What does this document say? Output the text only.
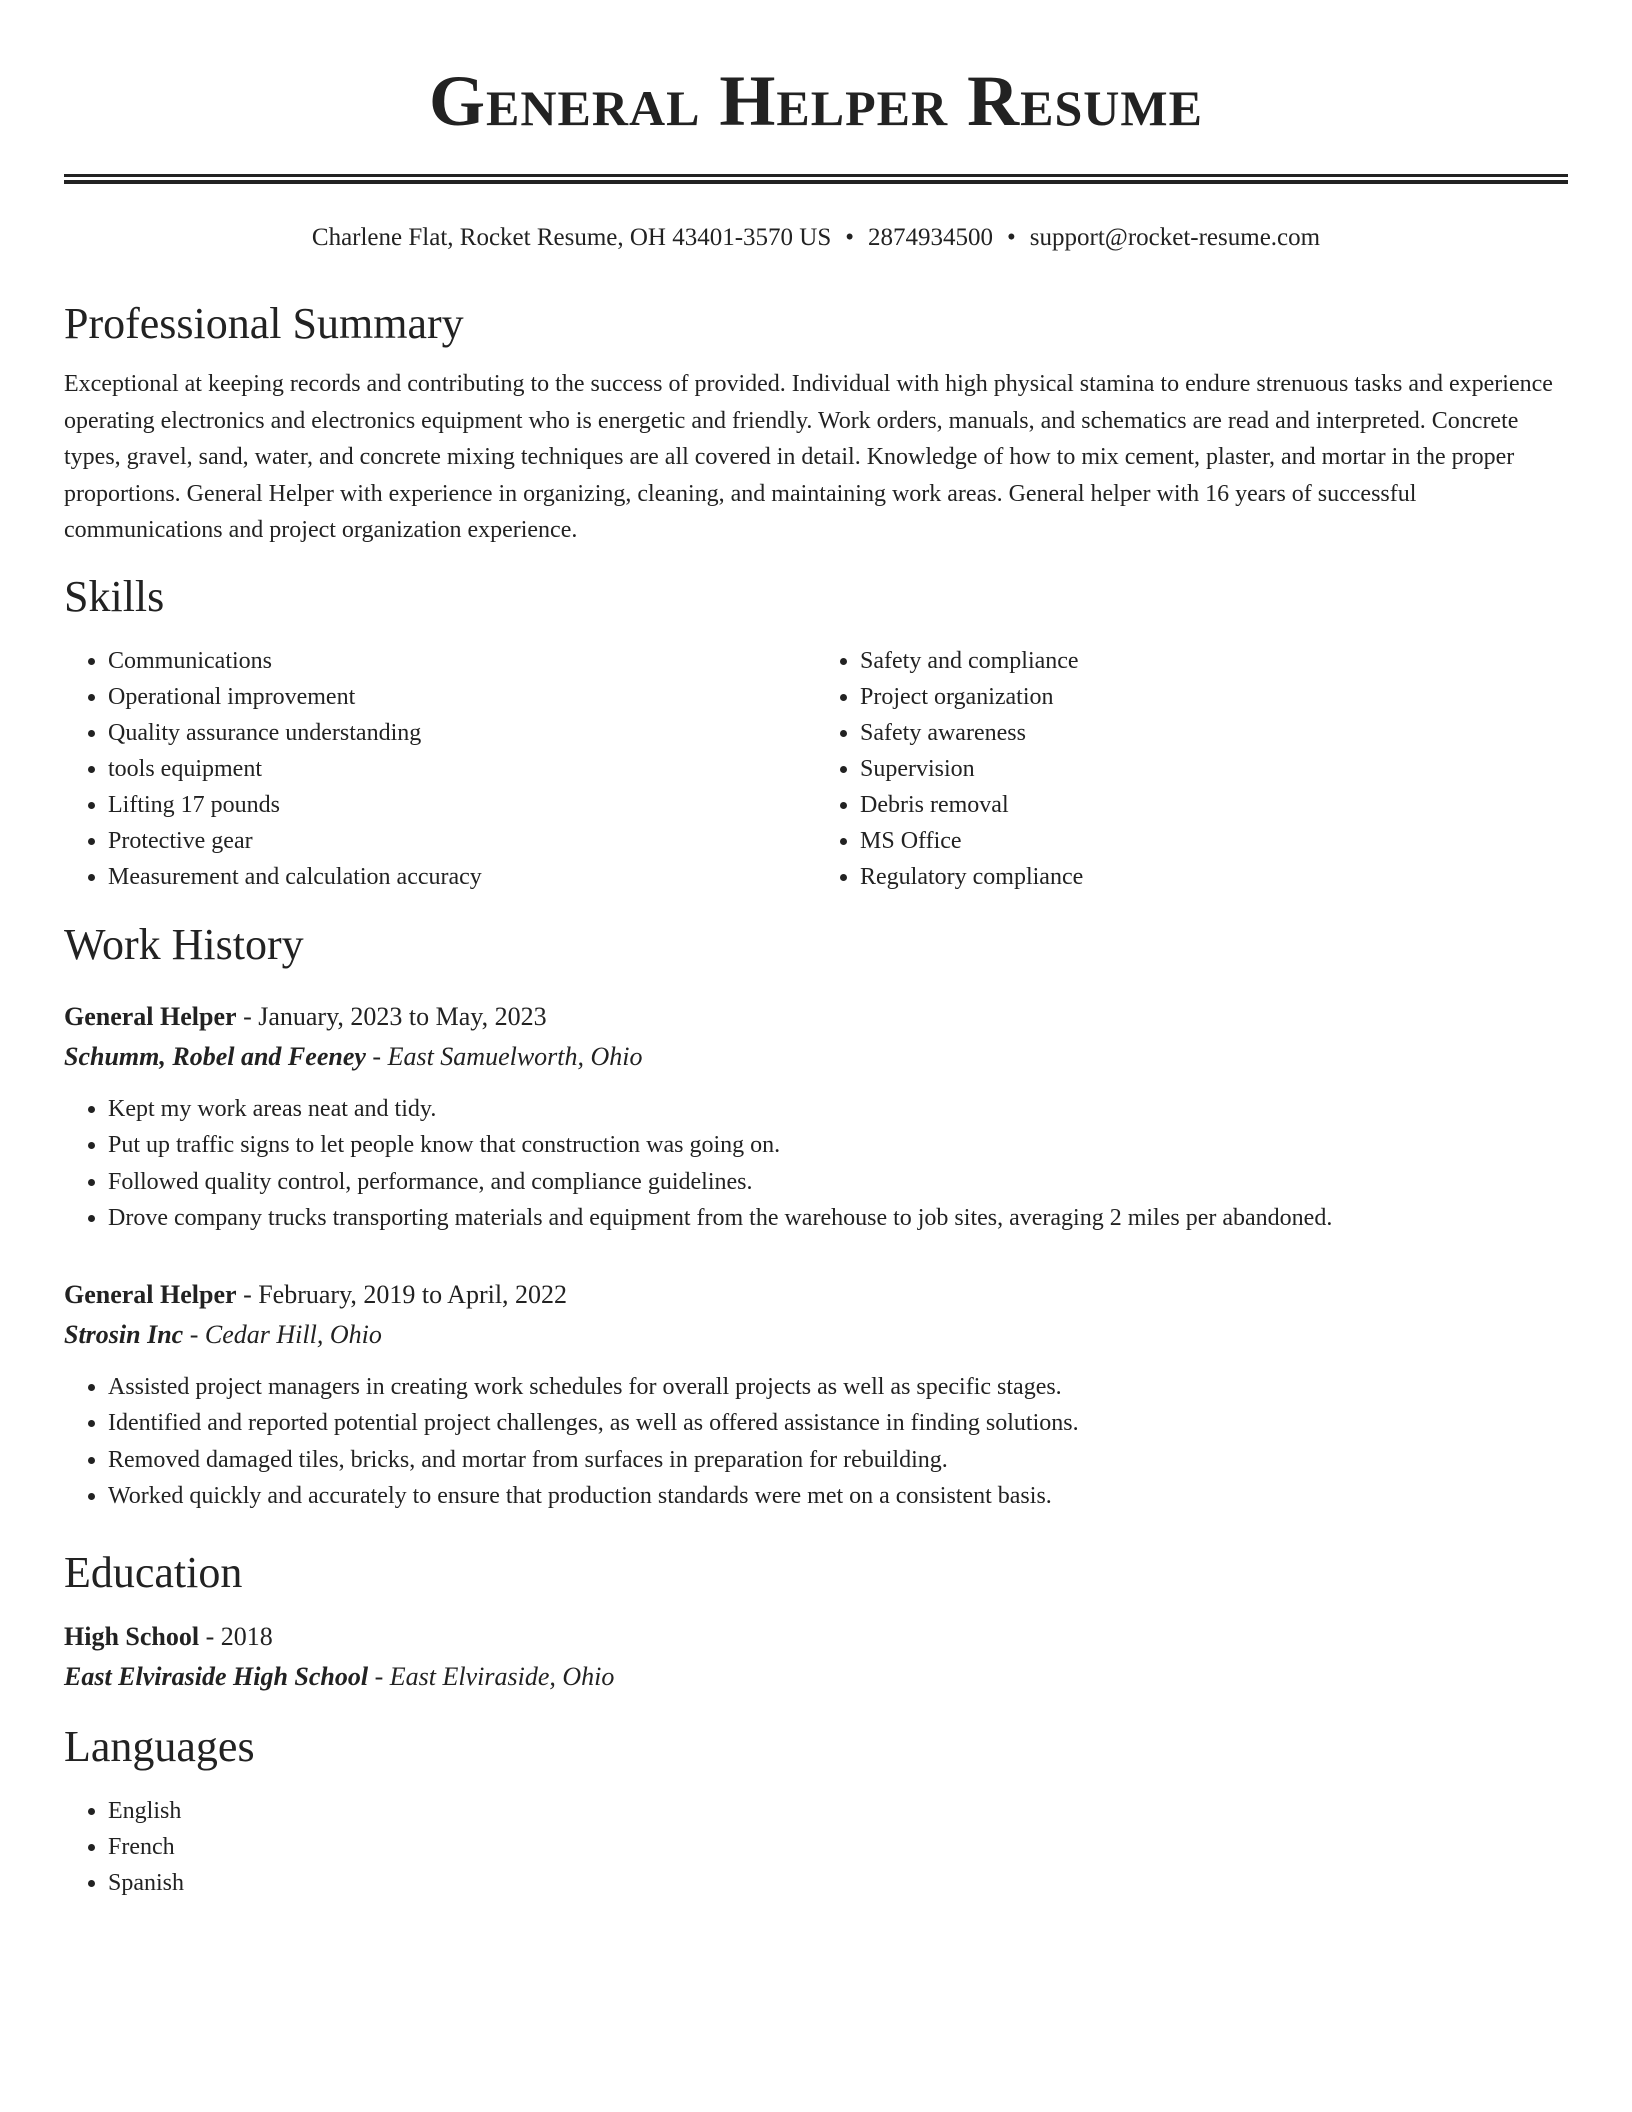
General Helper Resume
Charlene Flat, Rocket Resume, OH 43401-3570 US • 2874934500 • support@rocket-resume.com
Professional Summary

Exceptional at keeping records and contributing to the success of provided. Individual with high physical stamina to endure strenuous tasks and experience operating electronics and electronics equipment who is energetic and friendly. Work orders, manuals, and schematics are read and interpreted. Concrete types, gravel, sand, water, and concrete mixing techniques are all covered in detail. Knowledge of how to mix cement, plaster, and mortar in the proper proportions. General Helper with experience in organizing, cleaning, and maintaining work areas. General helper with 16 years of successful communications and project organization experience.

Skills
• Communications
• Operational improvement
• Quality assurance understanding
• tools equipment
• Lifting 17 pounds
• Protective gear
• Measurement and calculation accuracy
• Safety and compliance
• Project organization
• Safety awareness
• Supervision
• Debris removal
• MS Office
• Regulatory compliance
Work History
General Helper - January, 2023 to May, 2023
Schumm, Robel and Feeney - East Samuelworth, Ohio
• Kept my work areas neat and tidy.
• Put up traffic signs to let people know that construction was going on.
• Followed quality control, performance, and compliance guidelines.
• Drove company trucks transporting materials and equipment from the warehouse to job sites, averaging 2 miles per abandoned.
General Helper - February, 2019 to April, 2022
Strosin Inc - Cedar Hill, Ohio
• Assisted project managers in creating work schedules for overall projects as well as specific stages.
• Identified and reported potential project challenges, as well as offered assistance in finding solutions.
• Removed damaged tiles, bricks, and mortar from surfaces in preparation for rebuilding.
• Worked quickly and accurately to ensure that production standards were met on a consistent basis.
Education
High School - 2018
East Elviraside High School - East Elviraside, Ohio
Languages
• English
• French
• Spanish
